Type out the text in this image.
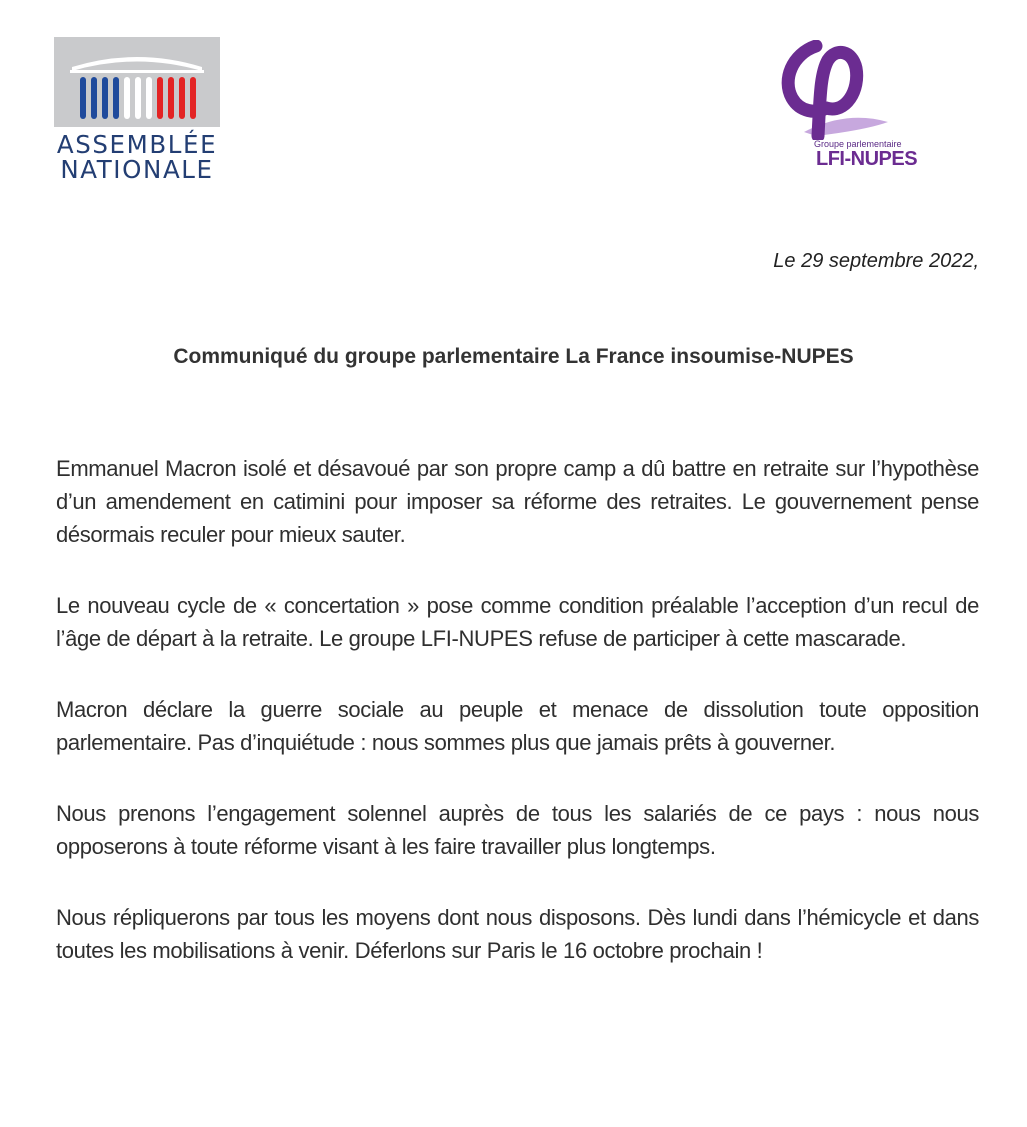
ASSEMBLÉE
NATIONALE
Groupe parlementaire
LFI-NUPES
Le 29 septembre 2022,
Communiqué du groupe parlementaire La France insoumise-NUPES

Emmanuel Macron isolé et désavoué par son propre camp a dû battre en retraite sur l’hypothèse d’un amendement en catimini pour imposer sa réforme des retraites. Le gouvernement pense désormais reculer pour mieux sauter.

Le nouveau cycle de « concertation » pose comme condition préalable l’acception d’un recul de l’âge de départ à la retraite. Le groupe LFI-NUPES refuse de participer à cette mascarade.

Macron déclare la guerre sociale au peuple et menace de dissolution toute opposition parlementaire. Pas d’inquiétude : nous sommes plus que jamais prêts à gouverner.

Nous prenons l’engagement solennel auprès de tous les salariés de ce pays : nous nous opposerons à toute réforme visant à les faire travailler plus longtemps.

Nous répliquerons par tous les moyens dont nous disposons. Dès lundi dans l’hémicycle et dans toutes les mobilisations à venir. Déferlons sur Paris le 16 octobre prochain !
